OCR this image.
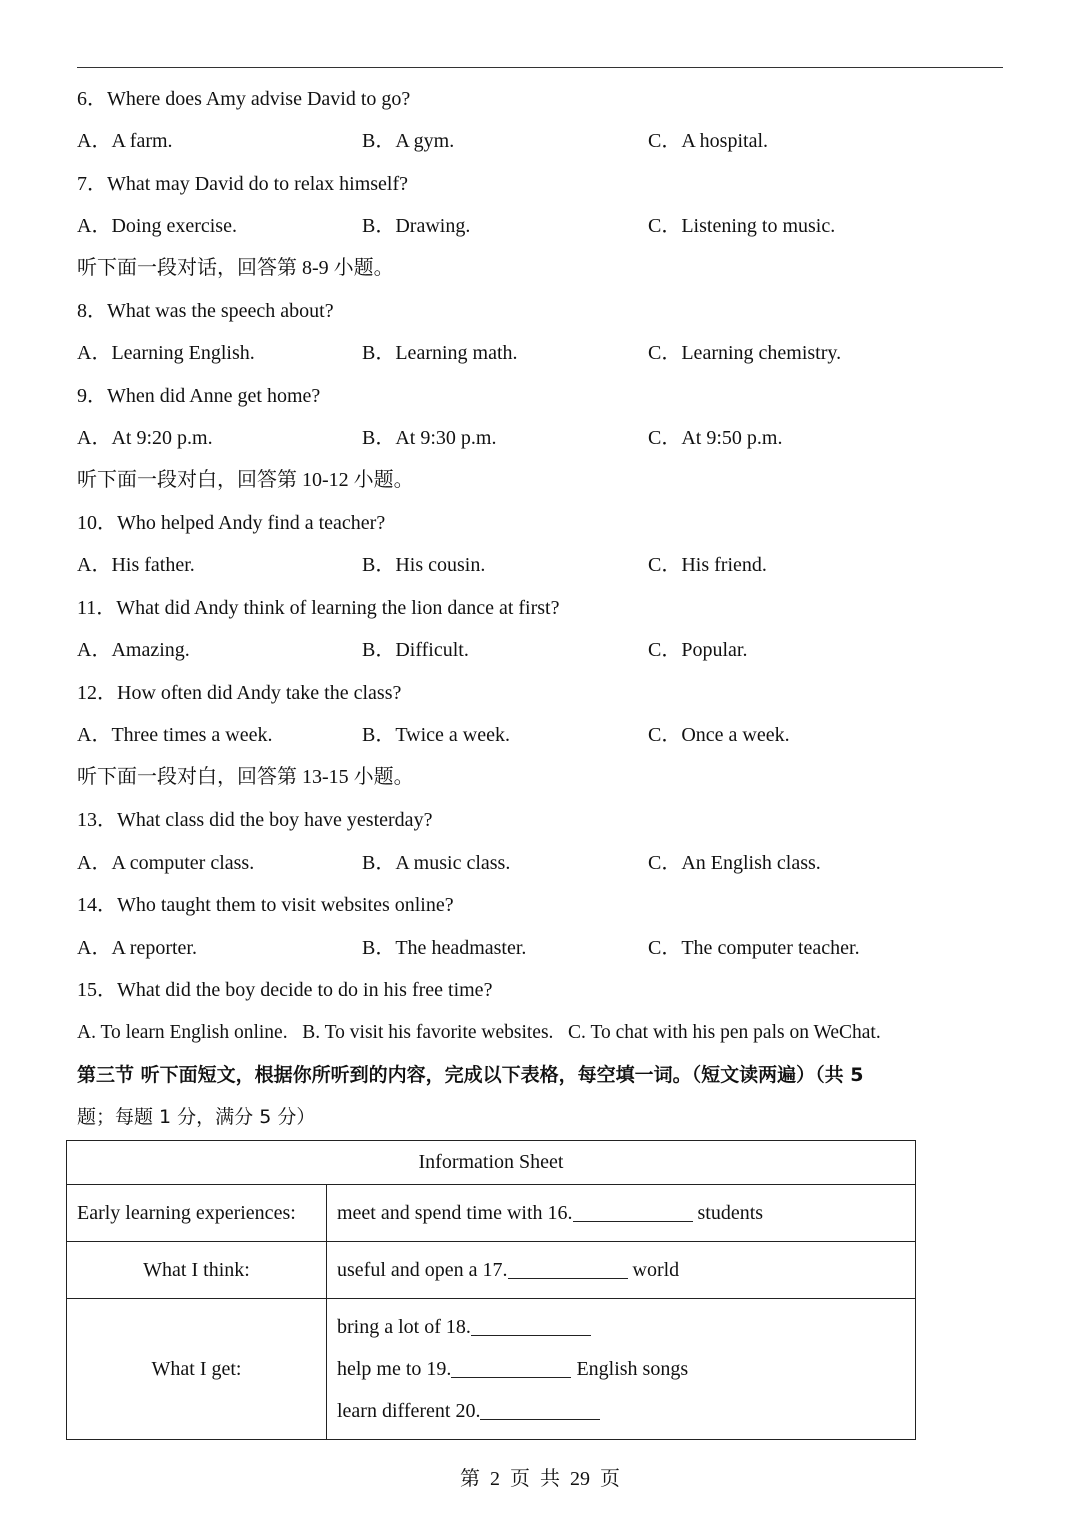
6．Where does Amy advise David to go?
A．A farm.	B．A gym.	C．A hospital.
7．What may David do to relax himself?
A．Doing exercise.	B．Drawing.	C．Listening to music.
听下面一段对话，回答第 8-9 小题。
8．What was the speech about?
A．Learning English.	B．Learning math.	C．Learning chemistry.
9．When did Anne get home?
A．At 9:20 p.m.	B．At 9:30 p.m.	C．At 9:50 p.m.
听下面一段对白，回答第 10-12 小题。
10．Who helped Andy find a teacher?
A．His father.	B．His cousin.	C．His friend.
11．What did Andy think of learning the lion dance at first?
A．Amazing.	B．Difficult.	C．Popular.
12．How often did Andy take the class?
A．Three times a week.	B．Twice a week.	C．Once a week.
听下面一段对白，回答第 13-15 小题。
13．What class did the boy have yesterday?
A．A computer class.	B．A music class.	C．An English class.
14．Who taught them to visit websites online?
A．A reporter.	B．The headmaster.	C．The computer teacher.
15．What did the boy decide to do in his free time?
A. To learn English online.   B. To visit his favorite websites.   C. To chat with his pen pals on WeChat.
第三节 听下面短文，根据你所听到的内容，完成以下表格，每空填一词。（短文读两遍）（共 5
题；每题 1 分，满分 5 分）
Information Sheet	
Early learning experiences:	meet and spend time with 16. students
What I think:	useful and open a 17. world
What I get:	bring a lot of 18.
help me to 19. English songs
learn different 20.
第  2  页  共  29  页
